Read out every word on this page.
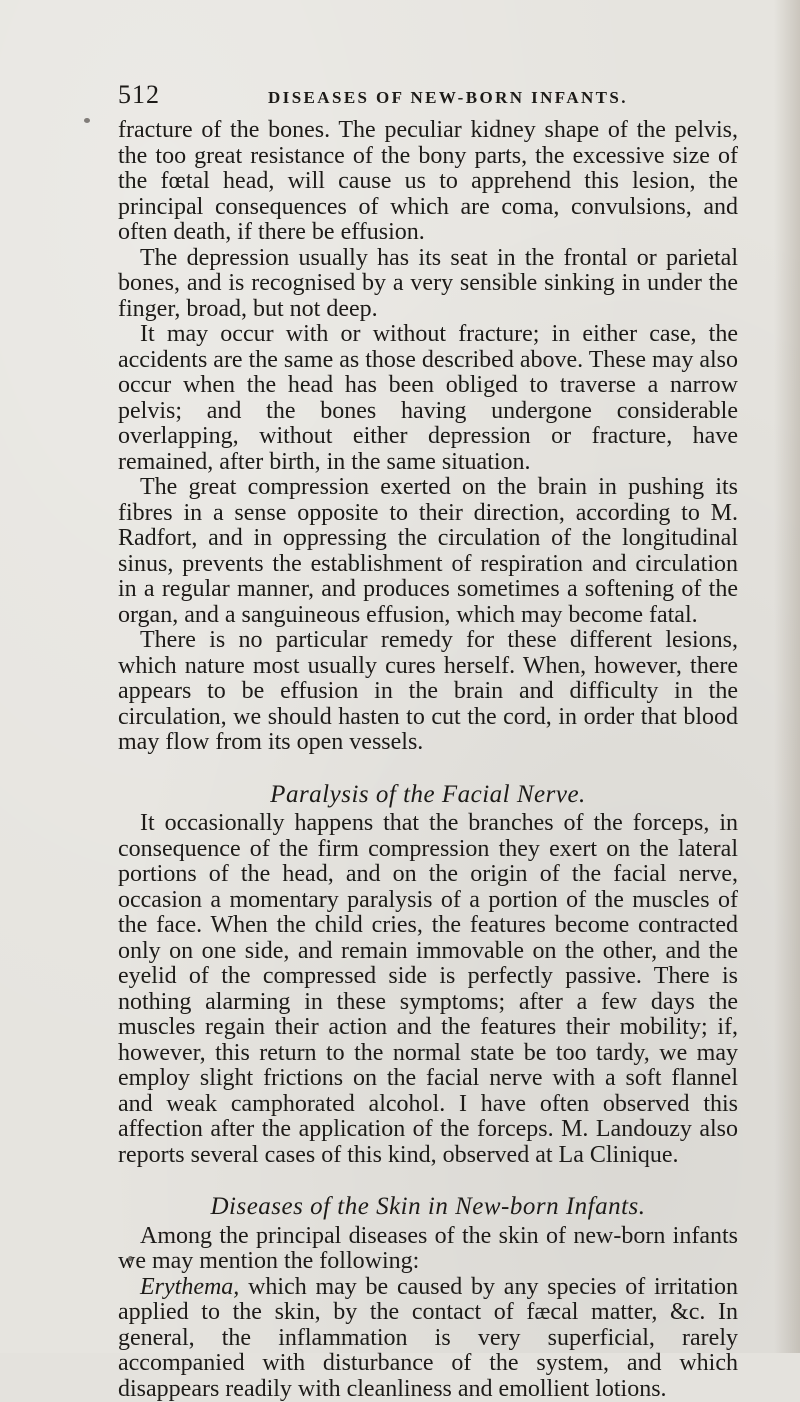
512	DISEASES OF NEW-BORN INFANTS.

fracture of the bones. The peculiar kidney shape of the pelvis, the too great resistance of the bony parts, the excessive size of the fœtal head, will cause us to apprehend this lesion, the principal consequences of which are coma, convulsions, and often death, if there be effusion.

The depression usually has its seat in the frontal or parietal bones, and is recognised by a very sensible sinking in under the finger, broad, but not deep.

It may occur with or without fracture; in either case, the accidents are the same as those described above. These may also occur when the head has been obliged to traverse a narrow pelvis; and the bones having undergone considerable overlapping, without either depression or fracture, have remained, after birth, in the same situation.

The great compression exerted on the brain in pushing its fibres in a sense opposite to their direction, according to M. Radfort, and in oppressing the circulation of the longitudinal sinus, prevents the establishment of respiration and circulation in a regular manner, and produces sometimes a softening of the organ, and a sanguineous effusion, which may become fatal.

There is no particular remedy for these different lesions, which nature most usually cures herself. When, however, there appears to be effusion in the brain and difficulty in the circulation, we should hasten to cut the cord, in order that blood may flow from its open vessels.

Paralysis of the Facial Nerve.

It occasionally happens that the branches of the forceps, in consequence of the firm compression they exert on the lateral portions of the head, and on the origin of the facial nerve, occasion a momentary paralysis of a portion of the muscles of the face. When the child cries, the features become contracted only on one side, and remain immovable on the other, and the eyelid of the compressed side is perfectly passive. There is nothing alarming in these symptoms; after a few days the muscles regain their action and the features their mobility; if, however, this return to the normal state be too tardy, we may employ slight frictions on the facial nerve with a soft flannel and weak camphorated alcohol. I have often observed this affection after the application of the forceps. M. Landouzy also reports several cases of this kind, observed at La Clinique.

Diseases of the Skin in New-born Infants.

Among the principal diseases of the skin of new-born infants we may mention the following:

Erythema, which may be caused by any species of irritation applied to the skin, by the contact of fæcal matter, &c. In general, the inflammation is very superficial, rarely accompanied with disturbance of the system, and which disappears readily with cleanliness and emollient lotions.
